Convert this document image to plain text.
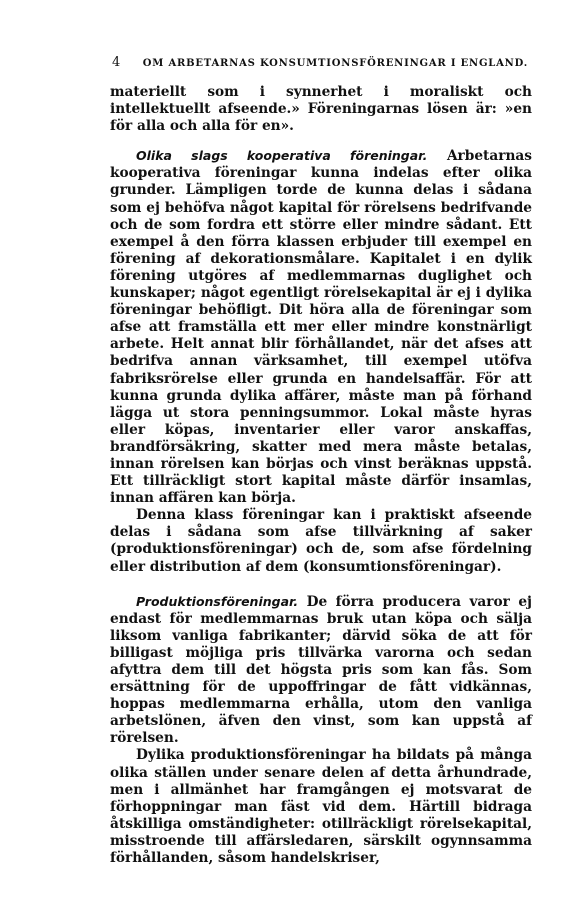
4 OM ARBETARNAS KONSUMTIONSFÖRENINGAR I ENGLAND.

materiellt som i synnerhet i moraliskt och intellektuellt afseende.» Föreningarnas lösen är: »en för alla och alla för en».

Olika slags kooperativa föreningar. Arbetarnas kooperativa föreningar kunna indelas efter olika grunder. Lämpligen torde de kunna delas i sådana som ej behöfva något kapital för rörelsens bedrifvande och de som fordra ett större eller mindre sådant. Ett exempel å den förra klassen erbjuder till exempel en förening af dekorationsmålare. Kapitalet i en dylik förening utgöres af medlemmarnas duglighet och kunskaper; något egentligt rörelsekapital är ej i dylika föreningar behöfligt. Dit höra alla de föreningar som afse att framställa ett mer eller mindre konstnärligt arbete. Helt annat blir förhållandet, när det afses att bedrifva annan värksamhet, till exempel utöfva fabriksrörelse eller grunda en handelsaffär. För att kunna grunda dylika affärer, måste man på förhand lägga ut stora penningsummor. Lokal måste hyras eller köpas, inventarier eller varor anskaffas, brandförsäkring, skatter med mera måste betalas, innan rörelsen kan börjas och vinst beräknas uppstå. Ett tillräckligt stort kapital måste därför insamlas, innan affären kan börja.

Denna klass föreningar kan i praktiskt afseende delas i sådana som afse tillvärkning af saker (produktionsföreningar) och de, som afse fördelning eller distribution af dem (konsumtionsföreningar).

Produktionsföreningar. De förra producera varor ej endast för medlemmarnas bruk utan köpa och sälja liksom vanliga fabrikanter; därvid söka de att för billigast möjliga pris tillvärka varorna och sedan afyttra dem till det högsta pris som kan fås. Som ersättning för de uppoffringar de fått vidkännas, hoppas medlemmarna erhålla, utom den vanliga arbetslönen, äfven den vinst, som kan uppstå af rörelsen.

Dylika produktionsföreningar ha bildats på många olika ställen under senare delen af detta århundrade, men i allmänhet har framgången ej motsvarat de förhoppningar man fäst vid dem. Härtill bidraga åtskilliga omständigheter: otillräckligt rörelsekapital, misstroende till affärsledaren, särskilt ogynnsamma förhållanden, såsom handelskriser,
